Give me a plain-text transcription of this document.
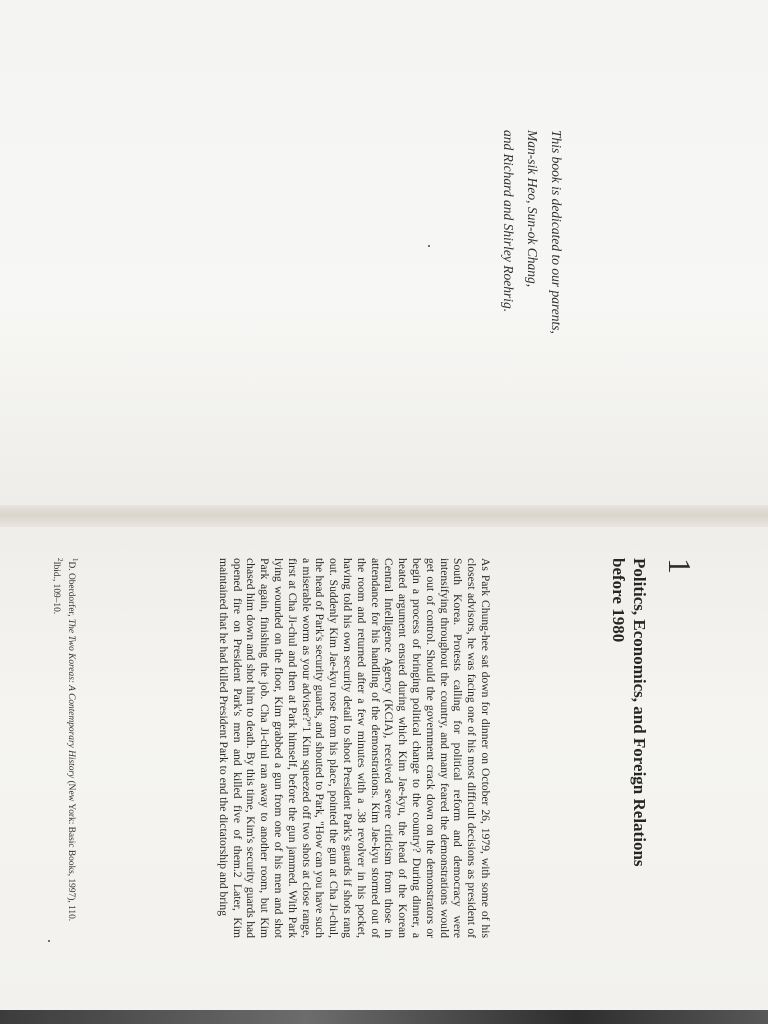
This book is dedicated to our parents,
Man-sik Heo, Sun-ok Chang,
and Richard and Shirley Roehrig.
1
Politics, Economics, and Foreign Relations
before 1980
As Park Chung-hee sat down for dinner on October 26, 1979, with some of his closest advisors, he was facing one of his most difficult decisions as president of South Korea. Protests calling for political reform and democracy were intensifying throughout the country, and many feared the demonstrations would get out of control. Should the government crack down on the demonstrators or begin a process of bringing political change to the country? During dinner, a heated argument ensued during which Kim Jae-kyu, the head of the Korean Central Intelligence Agency (KCIA), received severe criticism from those in attendance for his handling of the demonstrations. Kim Jae-kyu stormed out of the room and returned after a few minutes with a .38 revolver in his pocket, having told his own security detail to shoot President Park's guards if shots rang out. Suddenly Kim Jae-kyu rose from his place, pointed the gun at Cha Ji-chul, the head of Park's security guards, and shouted to Park, "How can you have such a miserable worm as your adviser?"1 Kim squeezed off two shots at close range, first at Cha Ji-chul and then at Park himself, before the gun jammed. With Park lying wounded on the floor, Kim grabbed a gun from one of his men and shot Park again, finishing the job. Cha Ji-chul ran away to another room, but Kim chased him down and shot him to death. By this time, Kim's security guards had opened fire on President Park's men and killed five of them.2 Later, Kim maintained that he had killed President Park to end the dictatorship and bring
$^1$D. Oberdorfer, The Two Koreas: A Contemporary History (New York: Basic Books, 1997), 110.
$^2$Ibid., 109–10.
